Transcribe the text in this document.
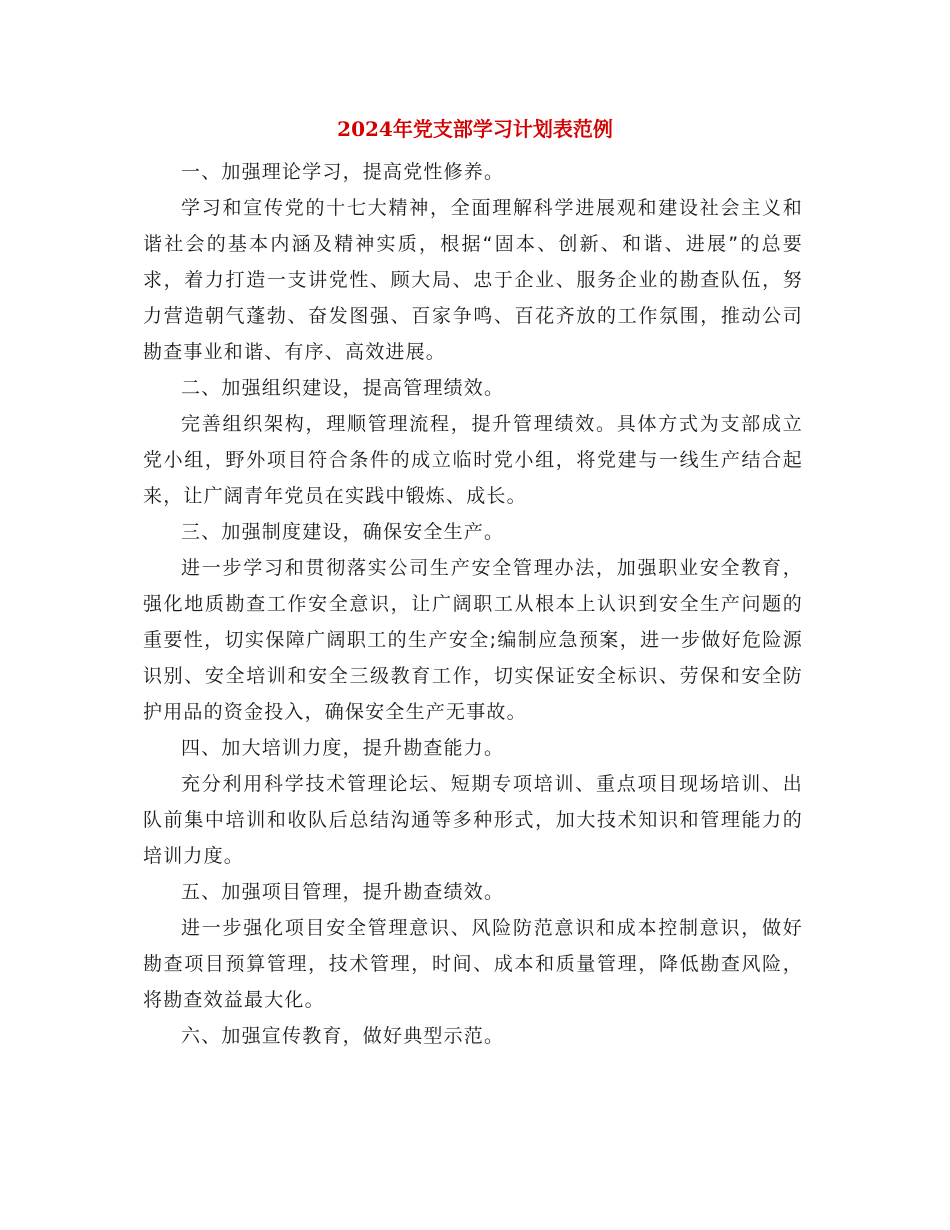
2024年党支部学习计划表范例

一、加强理论学习，提高党性修养。

学习和宣传党的十七大精神，全面理解科学进展观和建设社会主义和谐社会的基本内涵及精神实质，根据“固本、创新、和谐、进展”的总要求，着力打造一支讲党性、顾大局、忠于企业、服务企业的勘查队伍，努力营造朝气蓬勃、奋发图强、百家争鸣、百花齐放的工作氛围，推动公司勘查事业和谐、有序、高效进展。

二、加强组织建设，提高管理绩效。

完善组织架构，理顺管理流程，提升管理绩效。具体方式为支部成立党小组，野外项目符合条件的成立临时党小组，将党建与一线生产结合起来，让广阔青年党员在实践中锻炼、成长。

三、加强制度建设，确保安全生产。

进一步学习和贯彻落实公司生产安全管理办法，加强职业安全教育，强化地质勘查工作安全意识，让广阔职工从根本上认识到安全生产问题的重要性，切实保障广阔职工的生产安全;编制应急预案，进一步做好危险源识别、安全培训和安全三级教育工作，切实保证安全标识、劳保和安全防护用品的资金投入，确保安全生产无事故。

四、加大培训力度，提升勘查能力。

充分利用科学技术管理论坛、短期专项培训、重点项目现场培训、出队前集中培训和收队后总结沟通等多种形式，加大技术知识和管理能力的培训力度。

五、加强项目管理，提升勘查绩效。

进一步强化项目安全管理意识、风险防范意识和成本控制意识，做好勘查项目预算管理，技术管理，时间、成本和质量管理，降低勘查风险，将勘查效益最大化。

六、加强宣传教育，做好典型示范。
